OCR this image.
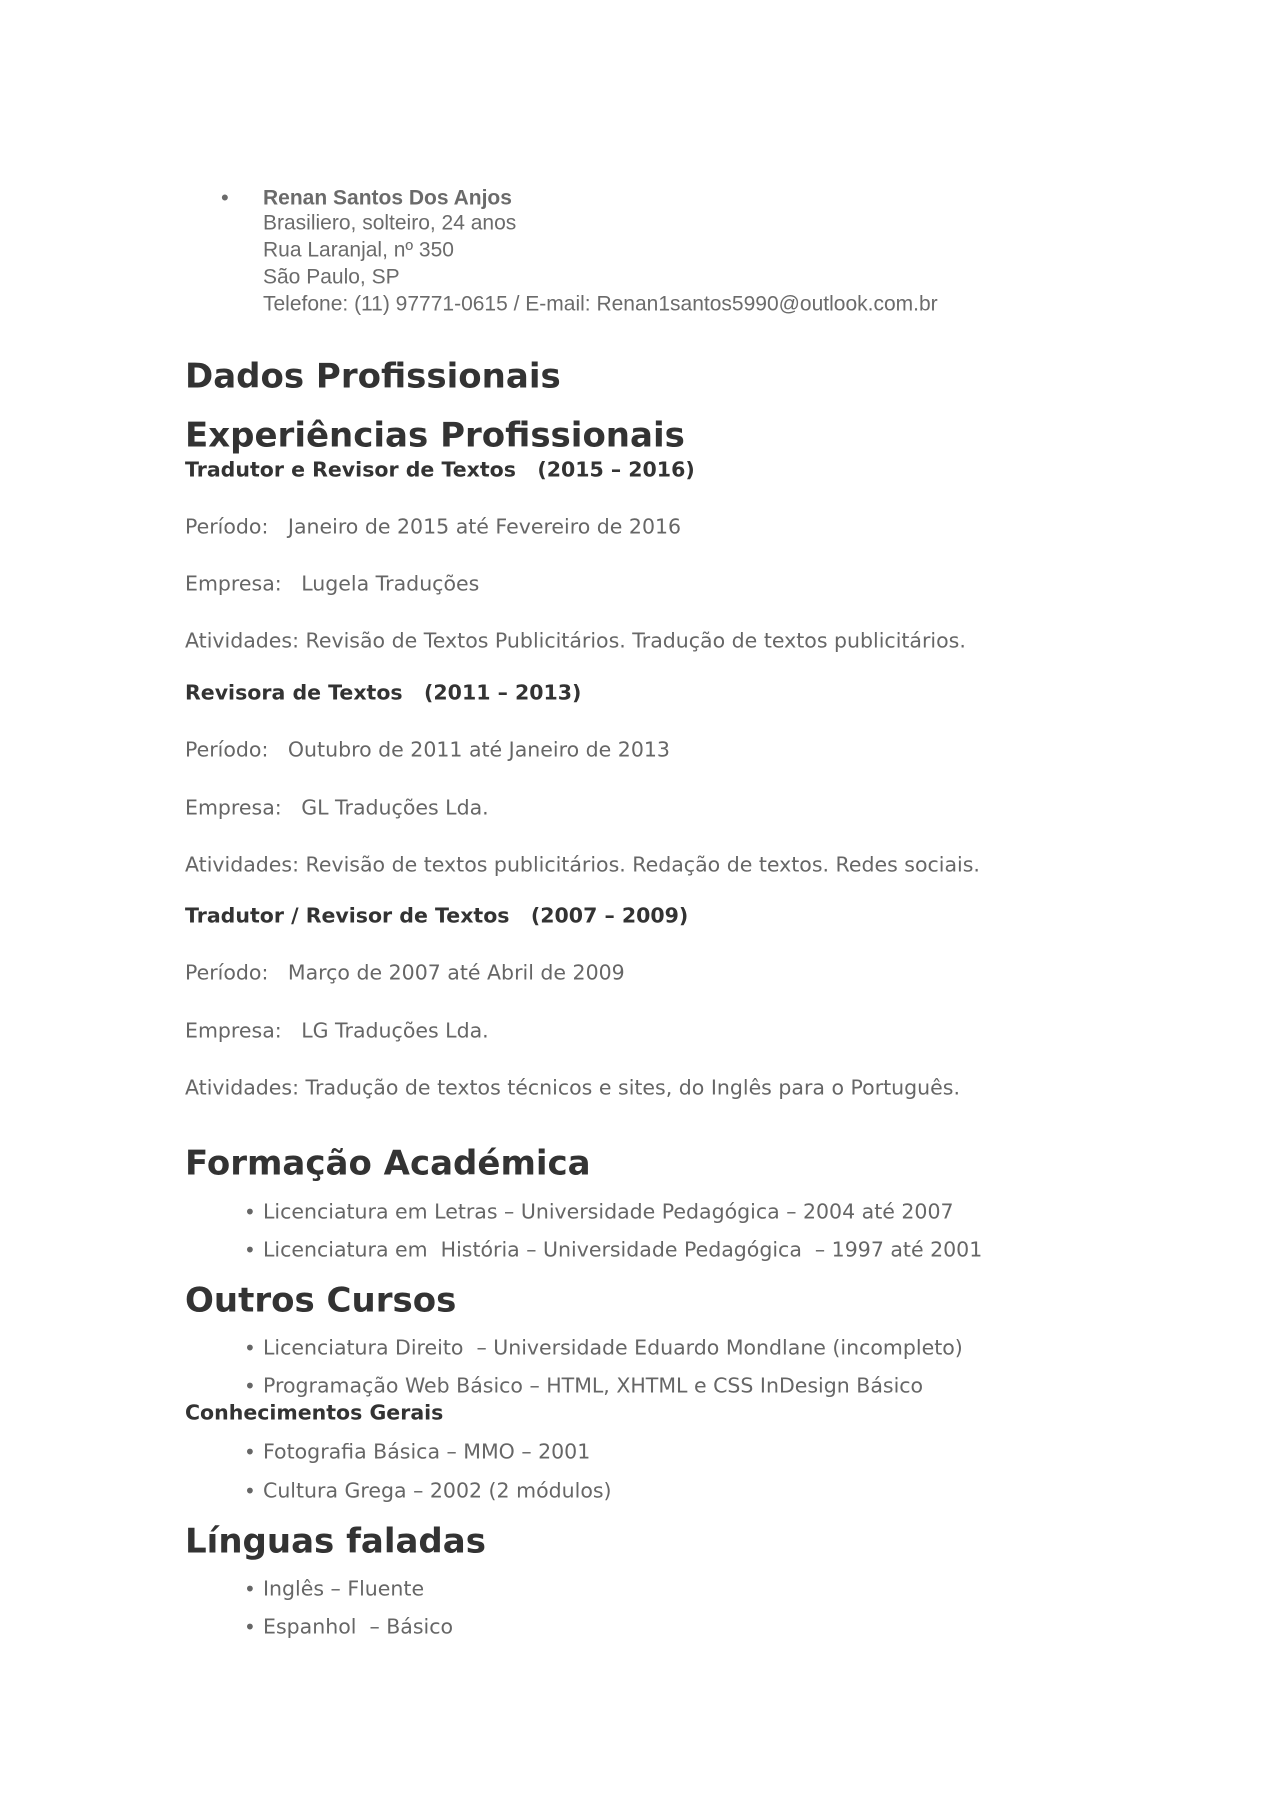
• Renan Santos Dos Anjos
Brasiliero, solteiro, 24 anos
Rua Laranjal, nº 350
São Paulo, SP
Telefone: (11) 97771-0615 / E-mail: Renan1santos5990@outlook.com.br
Dados Profissionais
Experiências Profissionais
Tradutor e Revisor de Textos   (2015 – 2016)
Período:   Janeiro de 2015 até Fevereiro de 2016
Empresa:   Lugela Traduções
Atividades: Revisão de Textos Publicitários. Tradução de textos publicitários.
Revisora de Textos   (2011 – 2013)
Período:   Outubro de 2011 até Janeiro de 2013
Empresa:   GL Traduções Lda.
Atividades: Revisão de textos publicitários. Redação de textos. Redes sociais.
Tradutor / Revisor de Textos   (2007 – 2009)
Período:   Março de 2007 até Abril de 2009
Empresa:   LG Traduções Lda.
Atividades: Tradução de textos técnicos e sites, do Inglês para o Português.
Formação Académica
• Licenciatura em Letras – Universidade Pedagógica – 2004 até 2007
• Licenciatura em  História – Universidade Pedagógica  – 1997 até 2001
Outros Cursos
• Licenciatura Direito  – Universidade Eduardo Mondlane (incompleto)
• Programação Web Básico – HTML, XHTML e CSS InDesign Básico
Conhecimentos Gerais
• Fotografia Básica – MMO – 2001
• Cultura Grega – 2002 (2 módulos)
Línguas faladas
• Inglês – Fluente
• Espanhol  – Básico
